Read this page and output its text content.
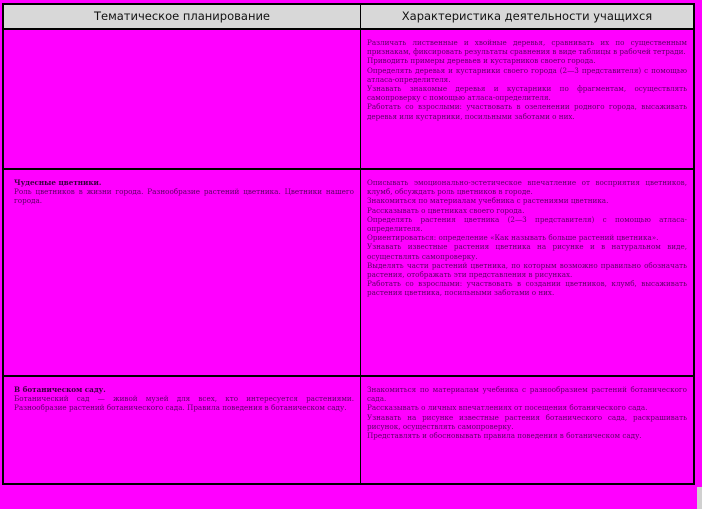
Тематическое планирование	Характеристика деятельности учащихся

Различать лиственные и хвойные деревья, сравнивать их по существенным признакам, фиксировать результаты сравнения в виде таблицы в рабочей тетради.

Приводить примеры деревьев и кустарников своего города.

Определять деревья и кустарники своего города (2—3 представителя) с помощью атласа-определителя.

Узнавать знакомые деревья и кустарники по фрагментам, осуществлять самопроверку с помощью атласа-определителя.

Работать со взрослыми: участвовать в озеленении родного города, высаживать деревья или кустарники, посильными заботами о них.

Чудесные цветники.

Роль цветников в жизни города. Разнообразие растений цветника. Цветники нашего города.

Описывать эмоционально-эстетическое впечатление от восприятия цветников, клумб, обсуждать роль цветников в городе.

Знакомиться по материалам учебника с растениями цветника.

Рассказывать о цветниках своего города.

Определять растения цветника (2—3 представителя) с помощью атласа-определителя.

Ориентироваться: определение «Как называть больше растений цветника».

Узнавать известные растения цветника на рисунке и в натуральном виде, осуществлять самопроверку.

Выделять части растений цветника, по которым возможно правильно обозначать растения, отображать эти представления в рисунках.

Работать со взрослыми: участвовать в создании цветников, клумб, высаживать растения цветника, посильными заботами о них.

В ботаническом саду.

Ботанический сад — живой музей для всех, кто интересуется растениями. Разнообразие растений ботанического сада. Правила поведения в ботаническом саду.

Знакомиться по материалам учебника с разнообразием растений ботанического сада.

Рассказывать о личных впечатлениях от посещения ботанического сада.

Узнавать на рисунке известные растения ботанического сада, раскрашивать рисунок, осуществлять самопроверку.

Представлять и обосновывать правила поведения в ботаническом саду.
